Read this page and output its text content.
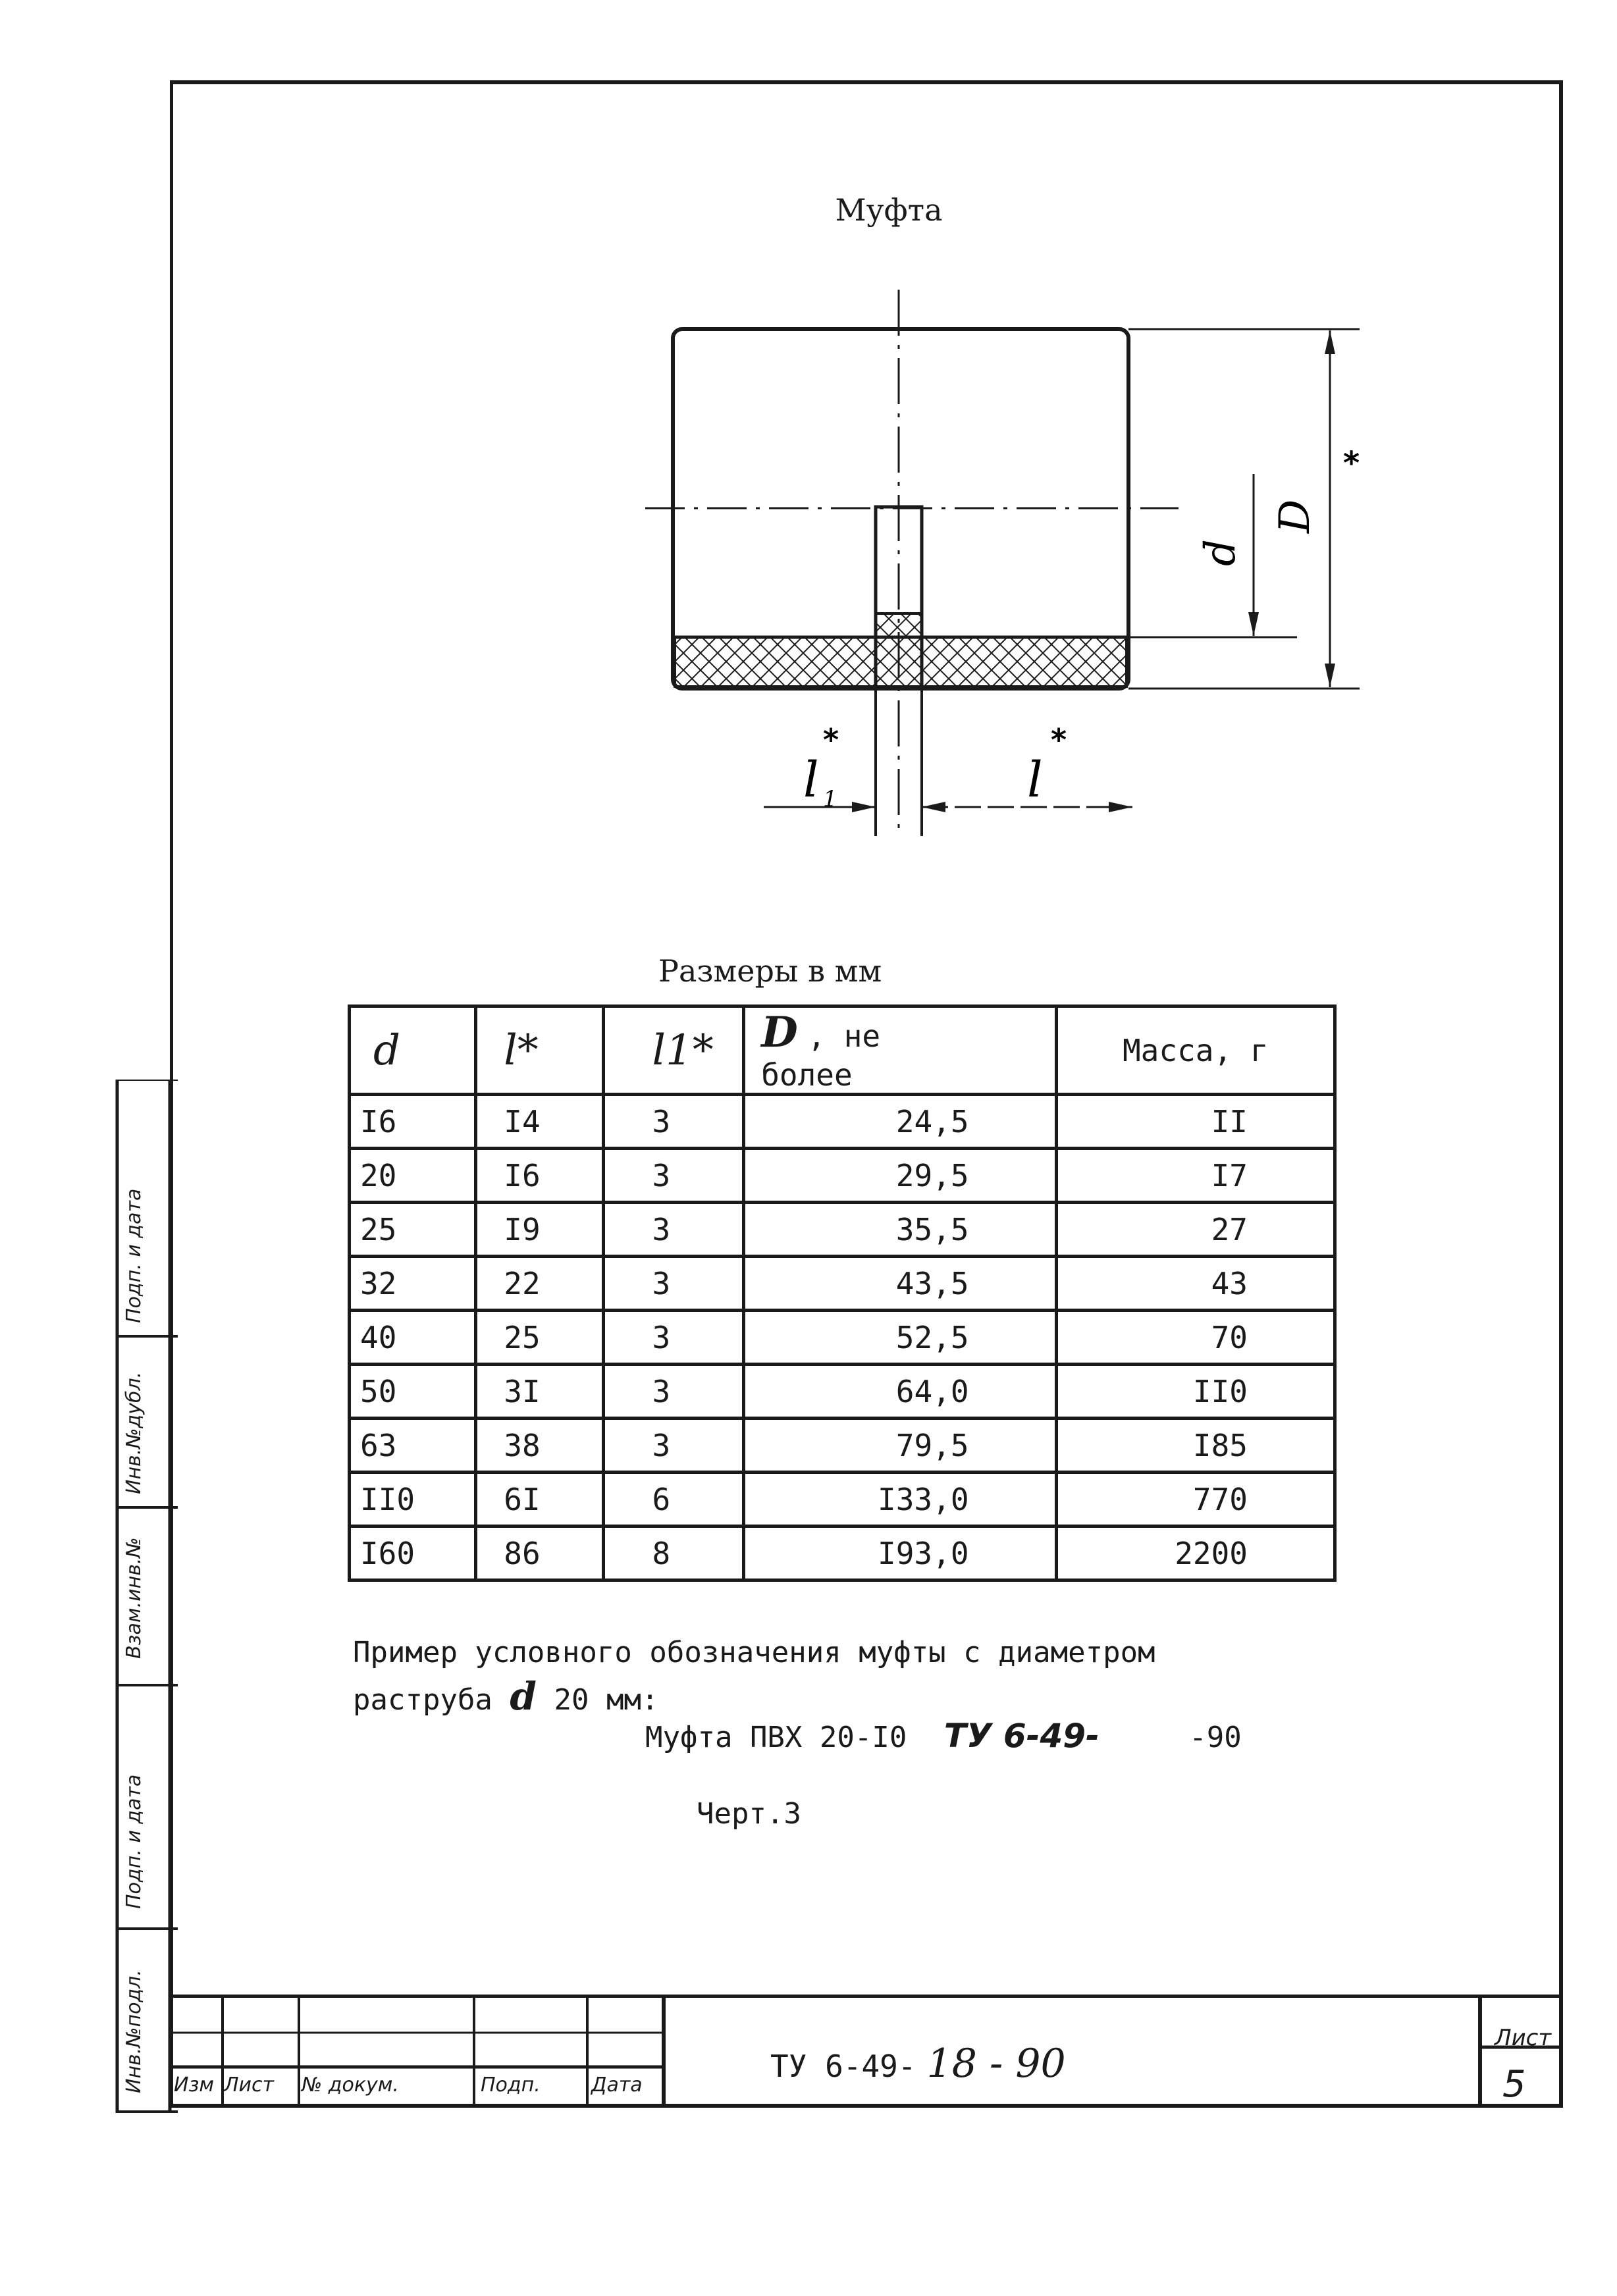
Инв.№подл.
Подп. и дата
Взам.инв.№
Инв.№дубл.
Подп. и дата
Муфта
D
*
d
l 1
*
l
*
Размеры в мм
d	l*	l1*	D , не более	Масса, г
I6	I4	3	24,5	II
20	I6	3	29,5	I7
25	I9	3	35,5	27
32	22	3	43,5	43
40	25	3	52,5	70
50	3I	3	64,0	II0
63	38	3	79,5	I85
II0	6I	6	I33,0	770
I60	86	8	I93,0	2200
Пример условного обозначения муфты с диаметром
раструба d 20 мм:
Муфта ПВХ 20-I0 ТУ 6-49-	-90
Черт.3
Изм Лист № докум.	Подп.	Дата
ТУ 6-49- 18 - 90
Лист
5
